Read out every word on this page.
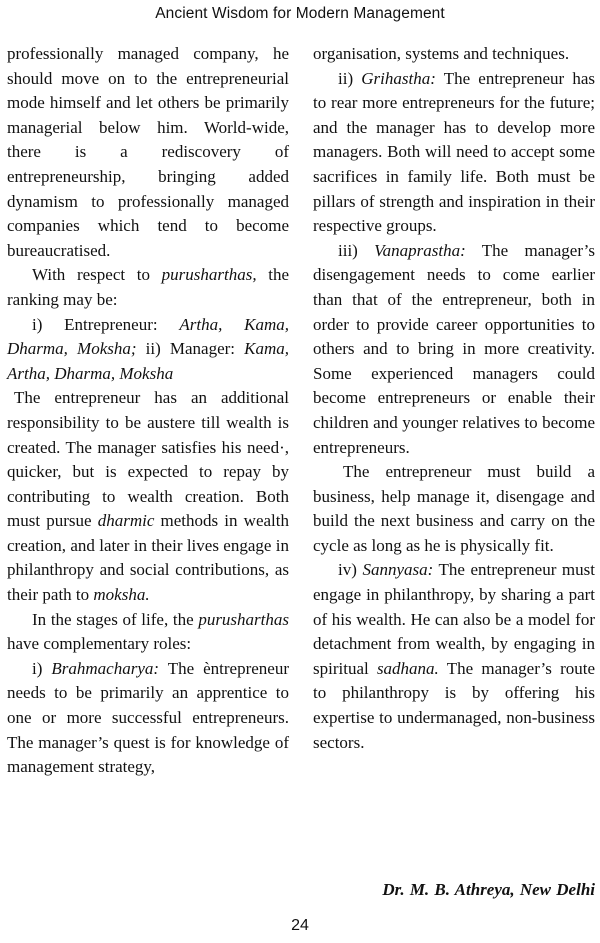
Ancient Wisdom for Modern Management

professionally managed company, he should move on to the entrepreneurial mode himself and let others be primarily managerial below him. World-wide, there is a rediscovery of entrepreneurship, bringing added dynamism to professionally managed companies which tend to become bureaucratised.

With respect to purusharthas, the ranking may be:

i) Entrepreneur: Artha, Kama, Dharma, Moksha; ii) Manager: Kama, Artha, Dharma, Moksha

The entrepreneur has an additional responsibility to be austere till wealth is created. The manager satisfies his need·, quicker, but is expected to repay by contributing to wealth creation. Both must pursue dharmic methods in wealth creation, and later in their lives engage in philanthropy and social contributions, as their path to moksha.

In the stages of life, the purusharthas have complementary roles:

i) Brahmacharya: The èntrepreneur needs to be primarily an apprentice to one or more successful entrepreneurs. The manager’s quest is for knowledge of management strategy,

organisation, systems and techniques.

ii) Grihastha: The entrepreneur has to rear more entrepreneurs for the future; and the manager has to develop more managers. Both will need to accept some sacrifices in family life. Both must be pillars of strength and inspiration in their respective groups.

iii) Vanaprastha: The manager’s disengagement needs to come earlier than that of the entrepreneur, both in order to provide career opportunities to others and to bring in more creativity. Some experienced managers could become entrepreneurs or enable their children and younger relatives to become entrepreneurs.

The entrepreneur must build a business, help manage it, disengage and build the next business and carry on the cycle as long as he is physically fit.

iv) Sannyasa: The entrepreneur must engage in philanthropy, by sharing a part of his wealth. He can also be a model for detachment from wealth, by engaging in spiritual sadhana. The manager’s route to philanthropy is by offering his expertise to undermanaged, non-business sectors.

Dr. M. B. Athreya, New Delhi
24
